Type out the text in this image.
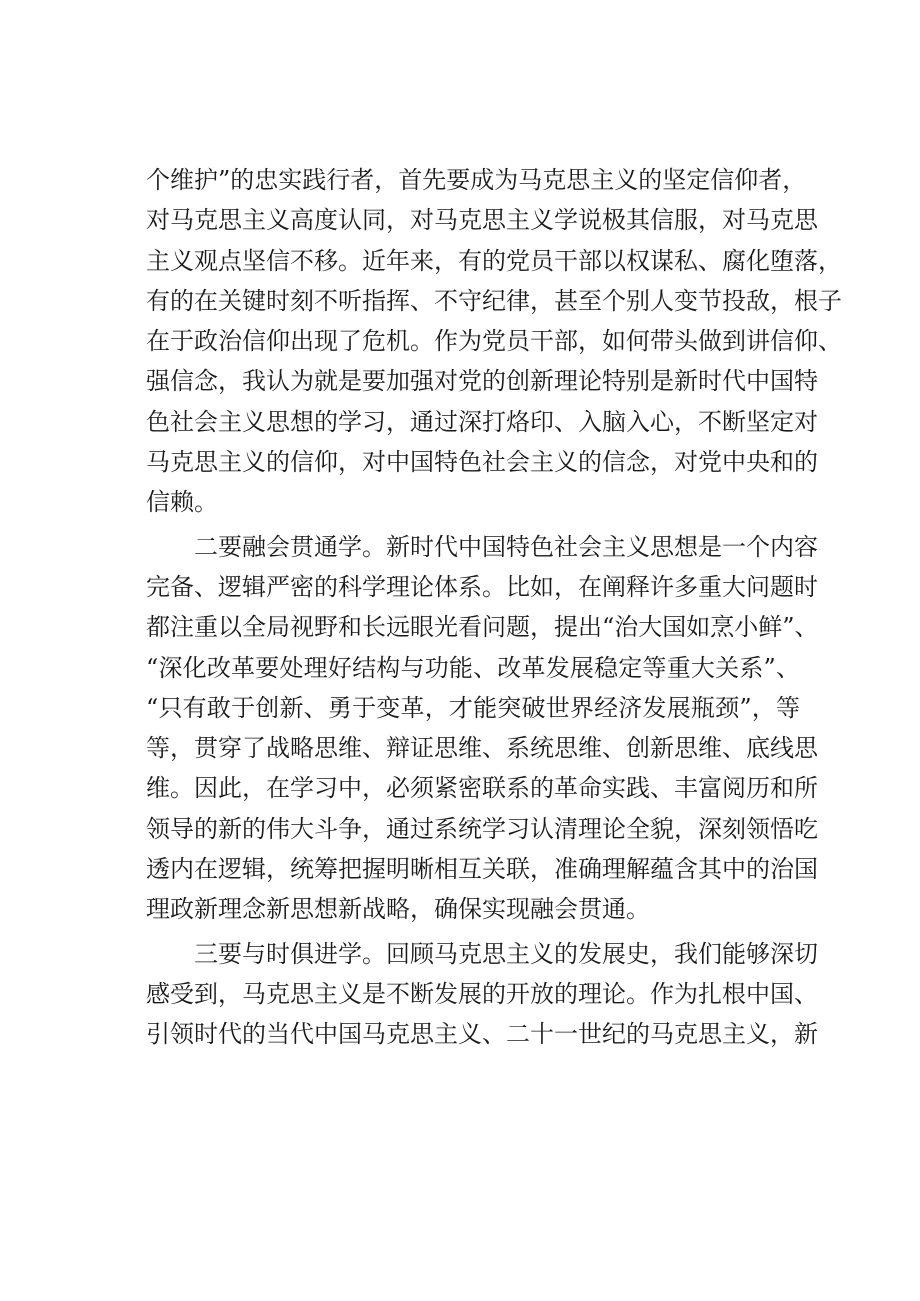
个维护”的忠实践行者，首先要成为马克思主义的坚定信仰者，
对马克思主义高度认同，对马克思主义学说极其信服，对马克思
主义观点坚信不移。近年来，有的党员干部以权谋私、腐化堕落，
有的在关键时刻不听指挥、不守纪律，甚至个别人变节投敌，根子
在于政治信仰出现了危机。作为党员干部，如何带头做到讲信仰、
强信念，我认为就是要加强对党的创新理论特别是新时代中国特
色社会主义思想的学习，通过深打烙印、入脑入心，不断坚定对
马克思主义的信仰，对中国特色社会主义的信念，对党中央和的
信赖。
　　二要融会贯通学。新时代中国特色社会主义思想是一个内容
完备、逻辑严密的科学理论体系。比如，在阐释许多重大问题时
都注重以全局视野和长远眼光看问题，提出“治大国如烹小鲜”、
“深化改革要处理好结构与功能、改革发展稳定等重大关系”、
“只有敢于创新、勇于变革，才能突破世界经济发展瓶颈”，等
等，贯穿了战略思维、辩证思维、系统思维、创新思维、底线思
维。因此，在学习中，必须紧密联系的革命实践、丰富阅历和所
领导的新的伟大斗争，通过系统学习认清理论全貌，深刻领悟吃
透内在逻辑，统筹把握明晰相互关联，准确理解蕴含其中的治国
理政新理念新思想新战略，确保实现融会贯通。
　　三要与时俱进学。回顾马克思主义的发展史，我们能够深切
感受到，马克思主义是不断发展的开放的理论。作为扎根中国、
引领时代的当代中国马克思主义、二十一世纪的马克思主义，新
